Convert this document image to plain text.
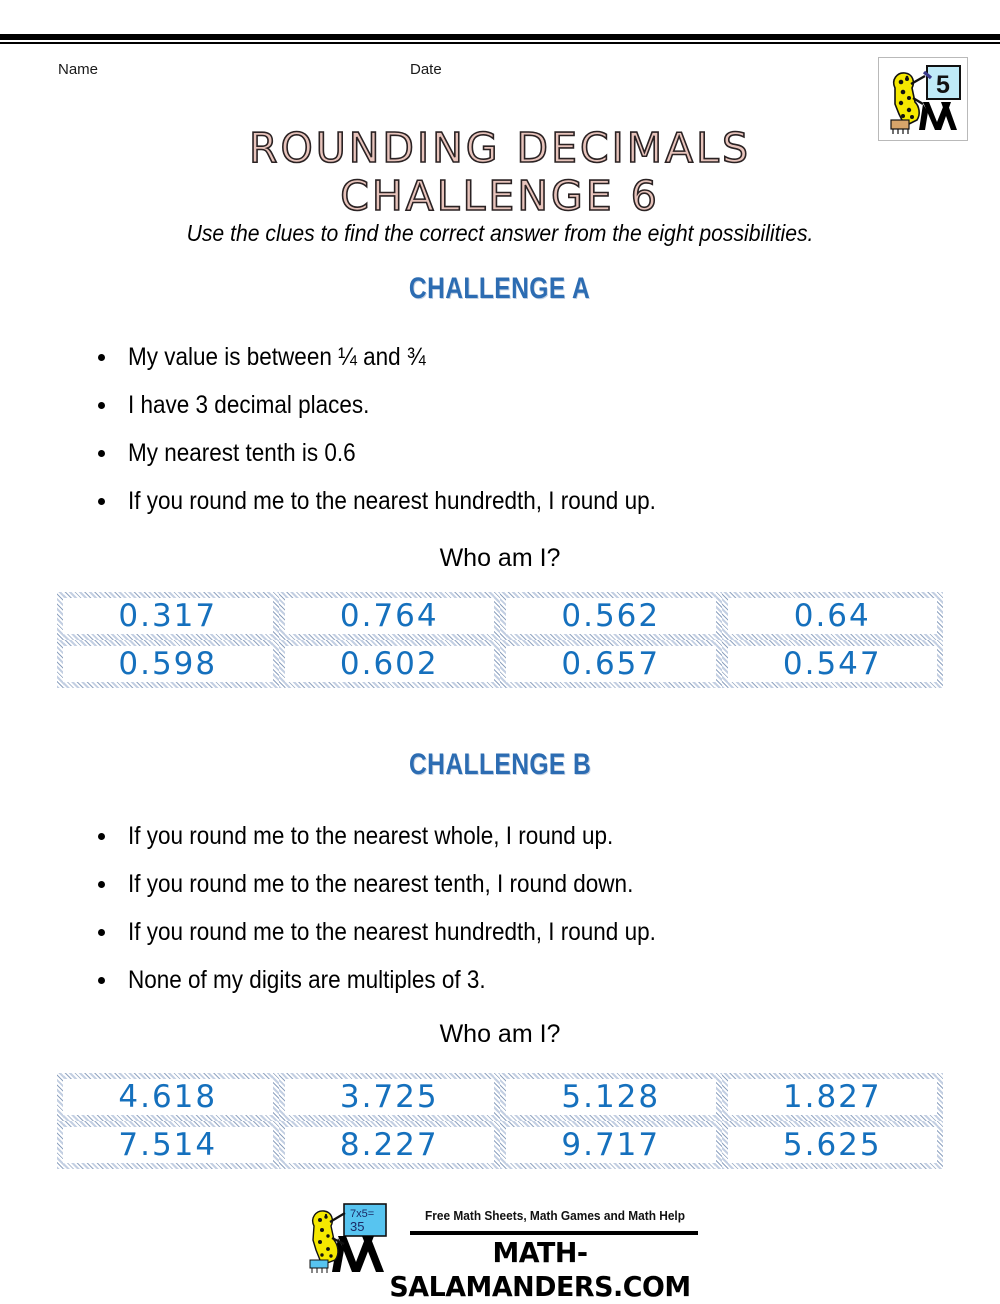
Name	Date
5
ROUNDING DECIMALS
CHALLENGE 6
Use the clues to find the correct answer from the eight possibilities.
CHALLENGE A
My value is between ¼ and ¾
I have 3 decimal places.
My nearest tenth is 0.6
If you round me to the nearest hundredth, I round up.
Who am I?
0.317	0.764	0.562	0.64
0.598	0.602	0.657	0.547
CHALLENGE B
If you round me to the nearest whole, I round up.
If you round me to the nearest tenth, I round down.
If you round me to the nearest hundredth, I round up.
None of my digits are multiples of 3.
Who am I?
4.618	3.725	5.128	1.827
7.514	8.227	9.717	5.625
7x5=
35
Free Math Sheets, Math Games and Math Help
MATH-SALAMANDERS.COM
